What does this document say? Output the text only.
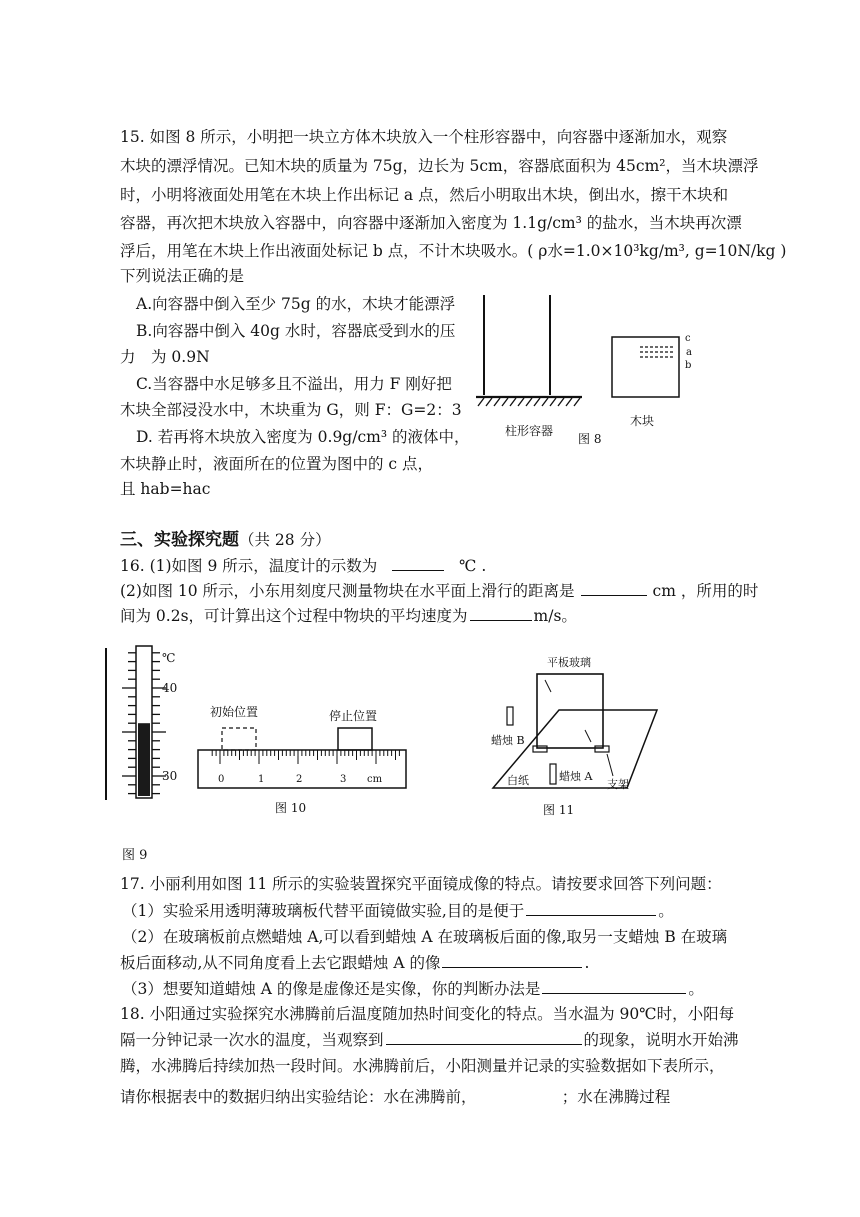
15. 如图 8 所示，小明把一块立方体木块放入一个柱形容器中，向容器中逐渐加水，观察
木块的漂浮情况。已知木块的质量为 75g，边长为 5cm，容器底面积为 45cm²，当木块漂浮
时，小明将液面处用笔在木块上作出标记 a 点，然后小明取出木块，倒出水，擦干木块和
容器，再次把木块放入容器中，向容器中逐渐加入密度为 1.1g/cm³ 的盐水，当木块再次漂
浮后，用笔在木块上作出液面处标记 b 点，不计木块吸水。( ρ水=1.0×10³kg/m³, g=10N/kg )
下列说法正确的是
A.向容器中倒入至少 75g 的水，木块才能漂浮
B.向容器中倒入 40g 水时，容器底受到水的压
力　为 0.9N
C.当容器中水足够多且不溢出，用力 F 刚好把
木块全部浸没水中，木块重为 G，则 F：G=2：3
D. 若再将木块放入密度为 0.9g/cm³ 的液体中，
木块静止时，液面所在的位置为图中的 c 点，
且 hab=hac
c
a
b
柱形容器
图 8
木块
三、实验探究题（共 28 分）
16. (1)如图 9 所示，温度计的示数为	℃ .
(2)如图 10 所示，小东用刻度尺测量物块在水平面上滑行的距离是	cm ，所用的时
间为 0.2s，可计算出这个过程中物块的平均速度为	m/s。
℃
40
30
图 9
初始位置	停止位置
0	1	2	3 cm
图 10
平板玻璃
蜡烛 B
蜡烛 A
白纸	支架
图 11
17. 小丽利用如图 11 所示的实验装置探究平面镜成像的特点。请按要求回答下列问题：
（1）实验采用透明薄玻璃板代替平面镜做实验,目的是便于	。
（2）在玻璃板前点燃蜡烛 A,可以看到蜡烛 A 在玻璃板后面的像,取另一支蜡烛 B 在玻璃
板后面移动,从不同角度看上去它跟蜡烛 A 的像	.
（3）想要知道蜡烛 A 的像是虚像还是实像，你的判断办法是	。
18. 小阳通过实验探究水沸腾前后温度随加热时间变化的特点。当水温为 90℃时，小阳每
隔一分钟记录一次水的温度，当观察到	的现象，说明水开始沸
腾，水沸腾后持续加热一段时间。水沸腾前后，小阳测量并记录的实验数据如下表所示，
请你根据表中的数据归纳出实验结论：水在沸腾前，　　　　　　；水在沸腾过程
